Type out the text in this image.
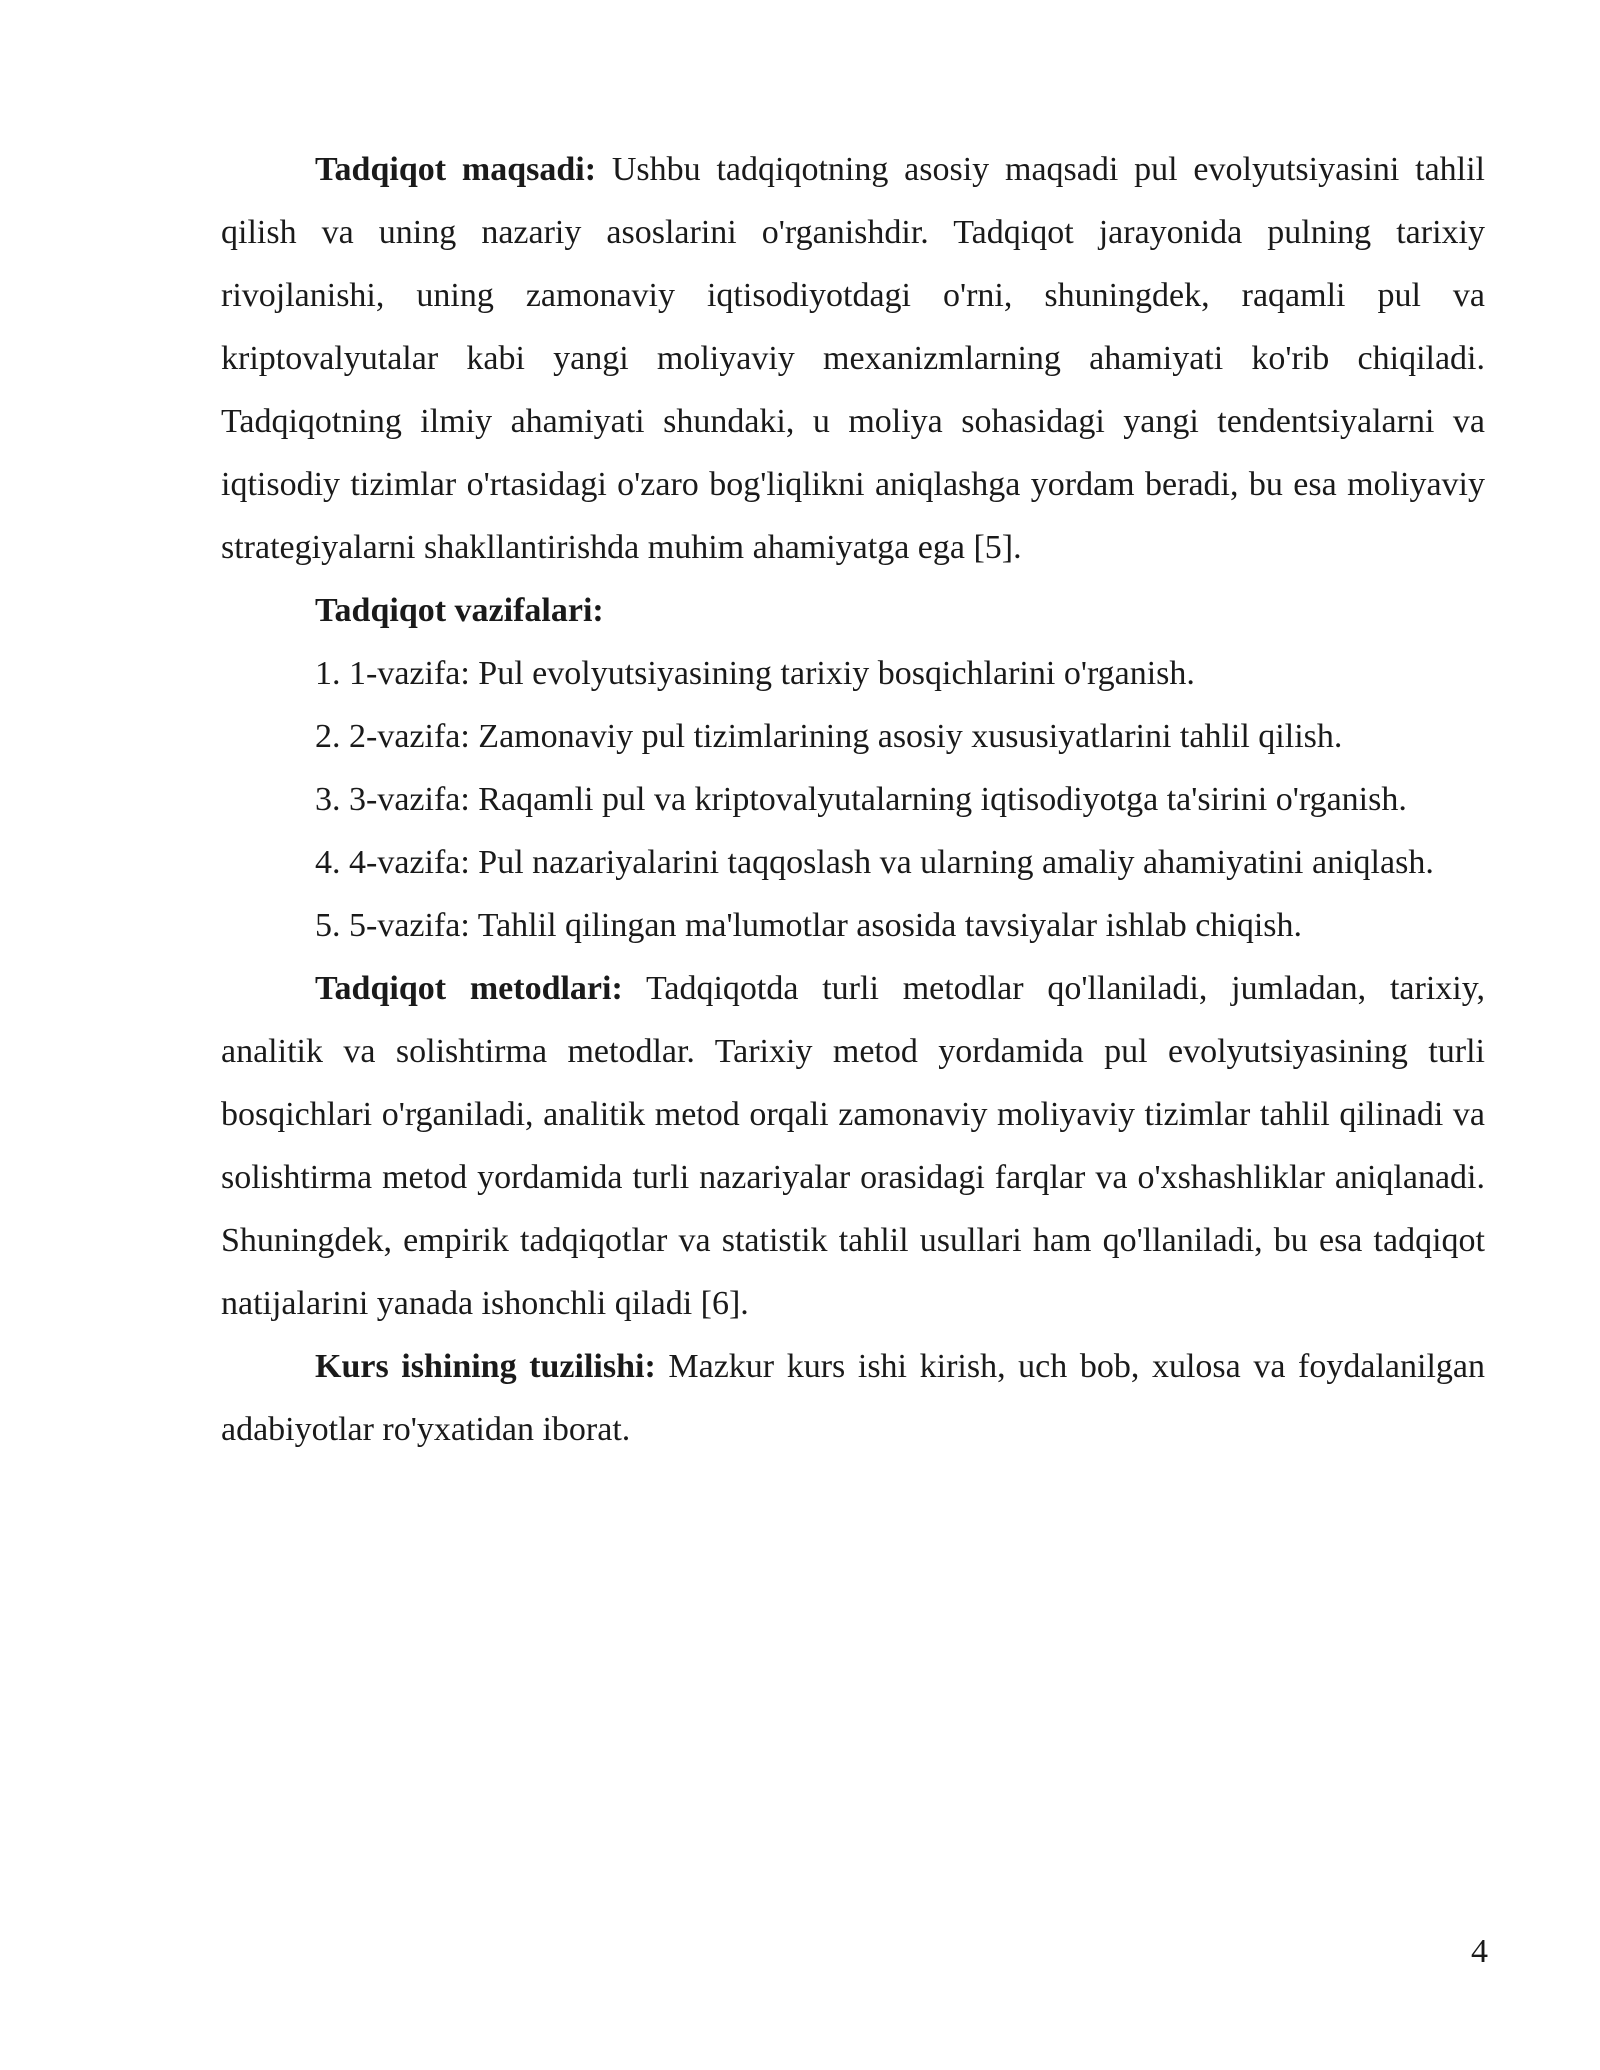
Tadqiqot maqsadi: Ushbu tadqiqotning asosiy maqsadi pul evolyutsiyasini tahlil qilish va uning nazariy asoslarini o'rganishdir. Tadqiqot jarayonida pulning tarixiy rivojlanishi, uning zamonaviy iqtisodiyotdagi o'rni, shuningdek, raqamli pul va kriptovalyutalar kabi yangi moliyaviy mexanizmlarning ahamiyati ko'rib chiqiladi. Tadqiqotning ilmiy ahamiyati shundaki, u moliya sohasidagi yangi tendentsiyalarni va iqtisodiy tizimlar o'rtasidagi o'zaro bog'liqlikni aniqlashga yordam beradi, bu esa moliyaviy strategiyalarni shakllantirishda muhim ahamiyatga ega [5].

Tadqiqot vazifalari:

1. 1-vazifa: Pul evolyutsiyasining tarixiy bosqichlarini o'rganish.

2. 2-vazifa: Zamonaviy pul tizimlarining asosiy xususiyatlarini tahlil qilish.

3. 3-vazifa: Raqamli pul va kriptovalyutalarning iqtisodiyotga ta'sirini o'rganish.

4. 4-vazifa: Pul nazariyalarini taqqoslash va ularning amaliy ahamiyatini aniqlash.

5. 5-vazifa: Tahlil qilingan ma'lumotlar asosida tavsiyalar ishlab chiqish.

Tadqiqot metodlari: Tadqiqotda turli metodlar qo'llaniladi, jumladan, tarixiy, analitik va solishtirma metodlar. Tarixiy metod yordamida pul evolyutsiyasining turli bosqichlari o'rganiladi, analitik metod orqali zamonaviy moliyaviy tizimlar tahlil qilinadi va solishtirma metod yordamida turli nazariyalar orasidagi farqlar va o'xshashliklar aniqlanadi. Shuningdek, empirik tadqiqotlar va statistik tahlil usullari ham qo'llaniladi, bu esa tadqiqot natijalarini yanada ishonchli qiladi [6].

Kurs ishining tuzilishi: Mazkur kurs ishi kirish, uch bob, xulosa va foydalanilgan adabiyotlar ro'yxatidan iborat.

4
